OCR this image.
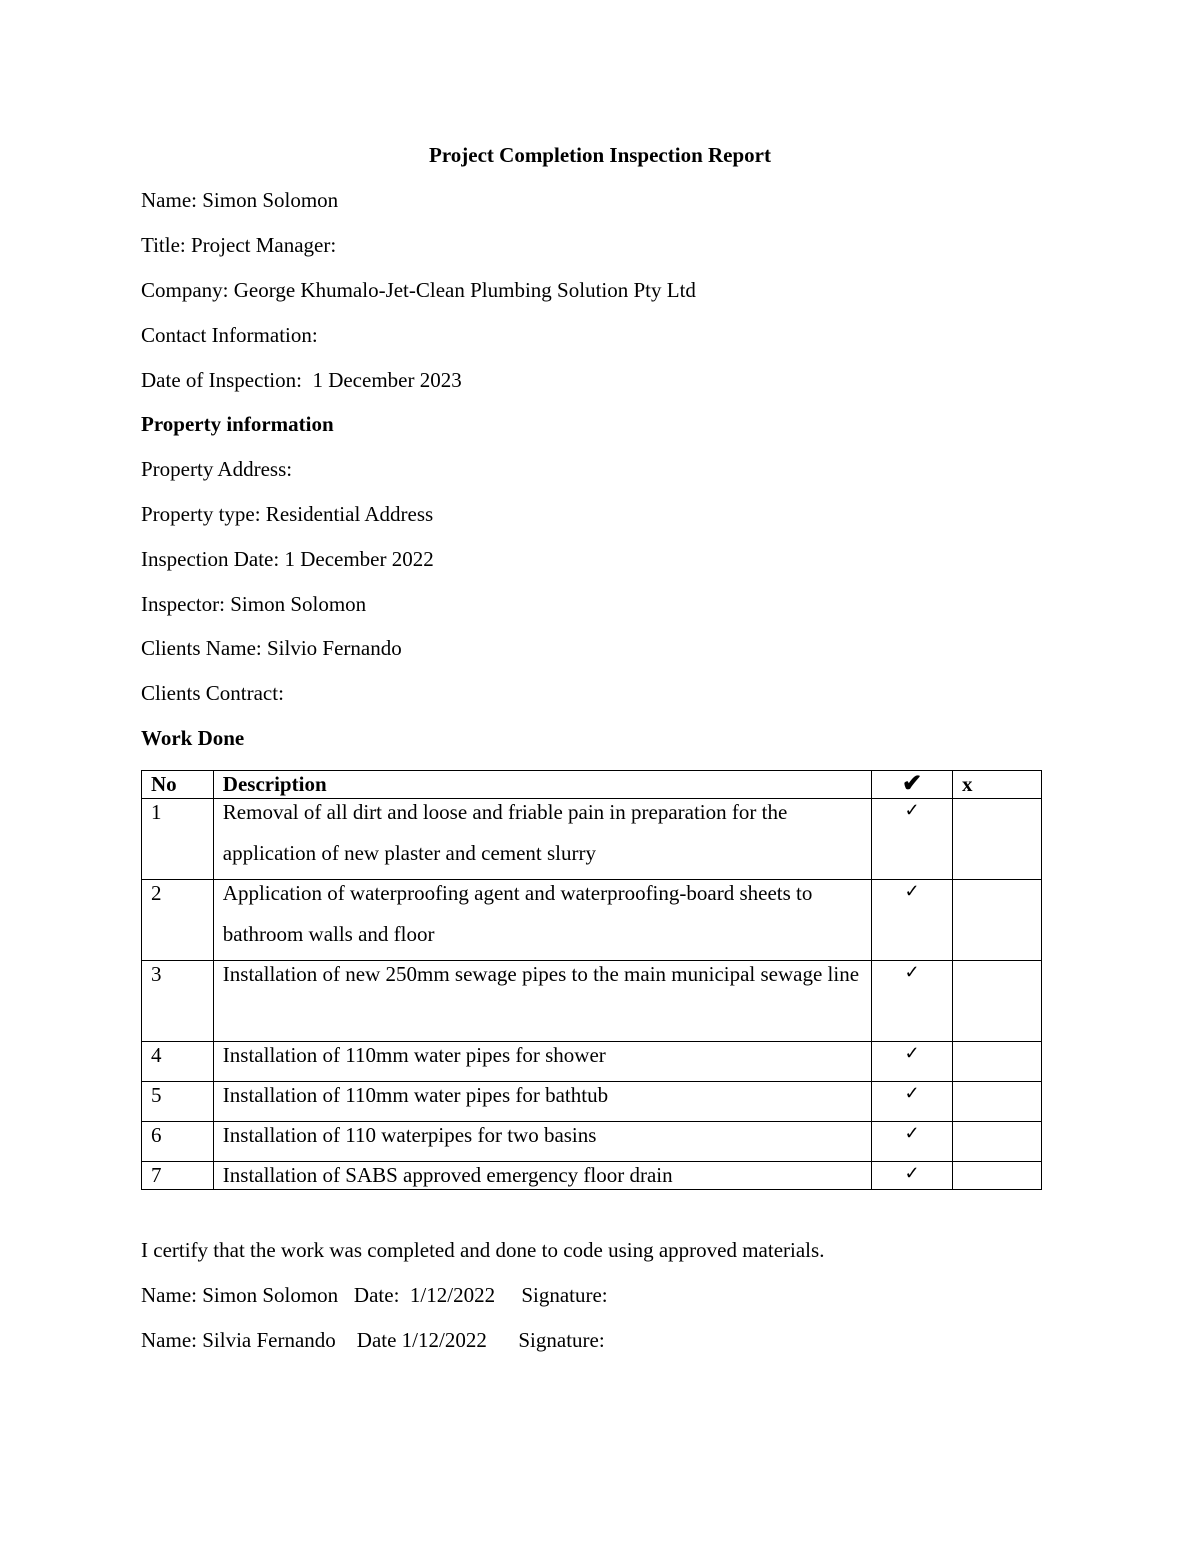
Project Completion Inspection Report
Name: Simon Solomon
Title: Project Manager:
Company: George Khumalo-Jet-Clean Plumbing Solution Pty Ltd
Contact Information:
Date of Inspection:  1 December 2023
Property information
Property Address:
Property type: Residential Address
Inspection Date: 1 December 2022
Inspector: Simon Solomon
Clients Name: Silvio Fernando
Clients Contract:
Work Done
No	Description	✔	x
1	Removal of all dirt and loose and friable pain in preparation for the application of new plaster and cement slurry	✓	
2	Application of waterproofing agent and waterproofing-board sheets to bathroom walls and floor	✓	
3	Installation of new 250mm sewage pipes to the main municipal sewage line	✓	
4	Installation of 110mm water pipes for shower	✓	
5	Installation of 110mm water pipes for bathtub	✓	
6	Installation of 110 waterpipes for two basins	✓	
7	Installation of SABS approved emergency floor drain	✓	
I certify that the work was completed and done to code using approved materials.
Name: Simon Solomon   Date:  1/12/2022     Signature:
Name: Silvia Fernando    Date 1/12/2022      Signature:
